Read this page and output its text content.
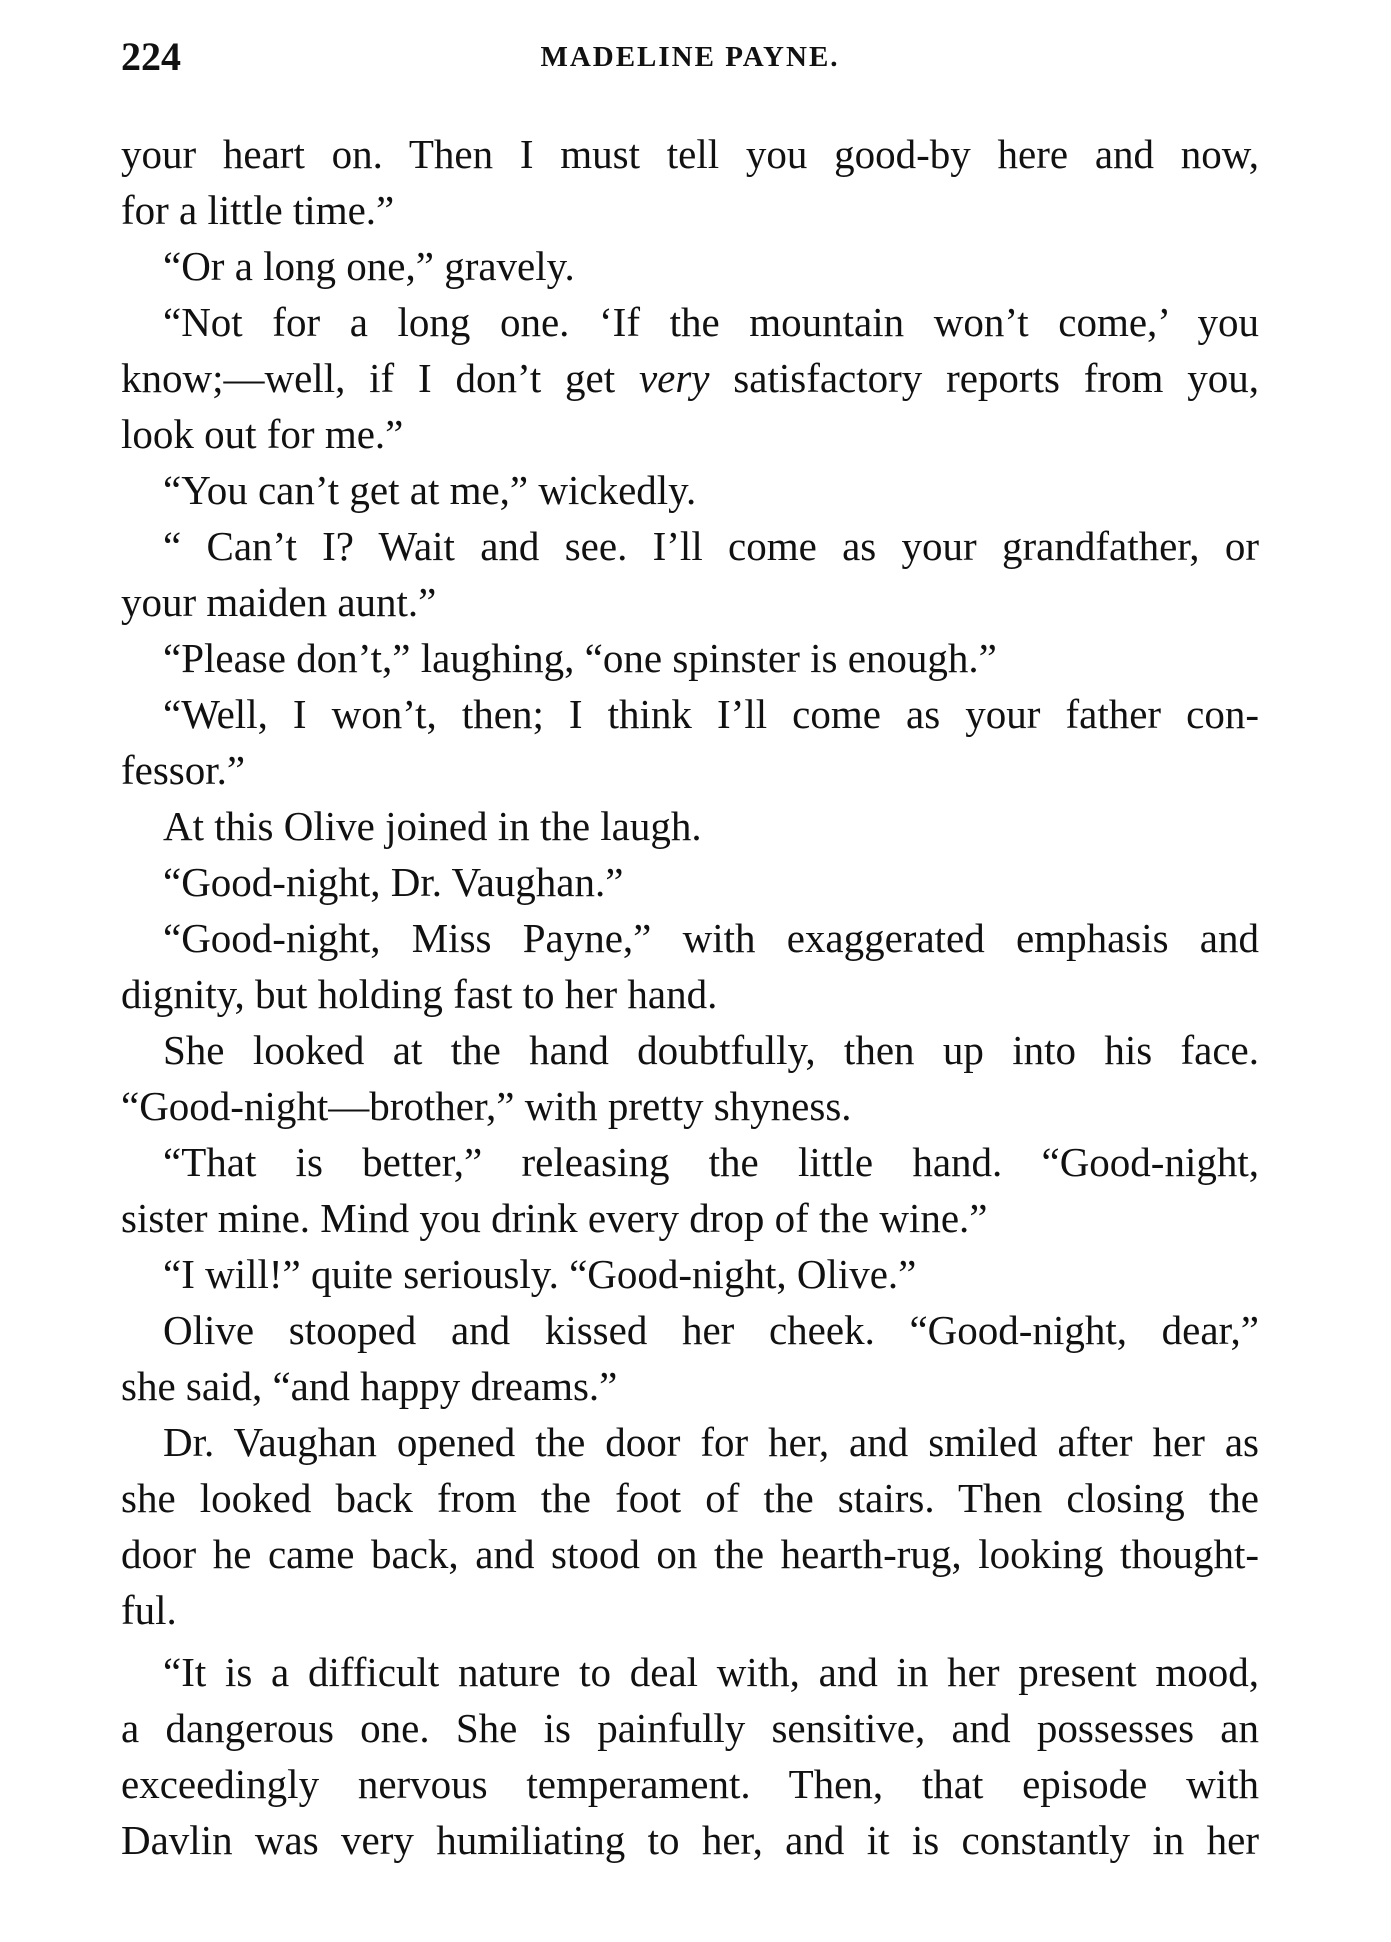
224	MADELINE PAYNE.
your heart on. Then I must tell you good-by here and now,
for a little time.”
“Or a long one,” gravely.
“Not for a long one. ‘If the mountain won’t come,’ you
know;—well, if I don’t get very satisfactory reports from you,
look out for me.”
“You can’t get at me,” wickedly.
“ Can’t I? Wait and see. I’ll come as your grandfather, or
your maiden aunt.”
“Please don’t,” laughing, “one spinster is enough.”
“Well, I won’t, then; I think I’ll come as your father con-
fessor.”
At this Olive joined in the laugh.
“Good-night, Dr. Vaughan.”
“Good-night, Miss Payne,” with exaggerated emphasis and
dignity, but holding fast to her hand.
She looked at the hand doubtfully, then up into his face.
“Good-night—brother,” with pretty shyness.
“That is better,” releasing the little hand. “Good-night,
sister mine. Mind you drink every drop of the wine.”
“I will!” quite seriously. “Good-night, Olive.”
Olive stooped and kissed her cheek. “Good-night, dear,”
she said, “and happy dreams.”
Dr. Vaughan opened the door for her, and smiled after her as
she looked back from the foot of the stairs. Then closing the
door he came back, and stood on the hearth-rug, looking thought-
ful.
“It is a difficult nature to deal with, and in her present mood,
a dangerous one. She is painfully sensitive, and possesses an
exceedingly nervous temperament. Then, that episode with
Davlin was very humiliating to her, and it is constantly in her
